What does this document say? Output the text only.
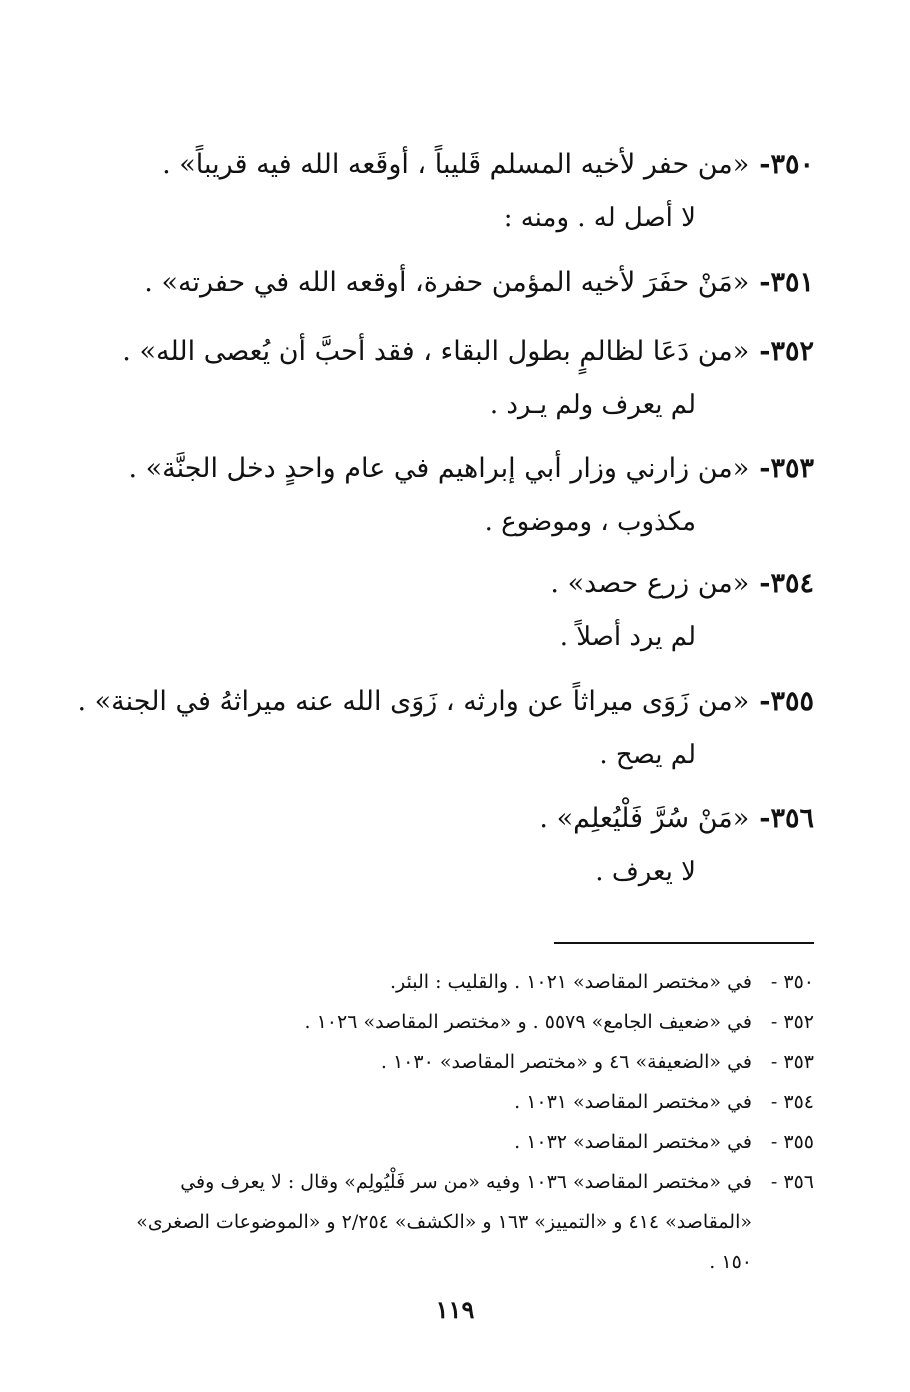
٣٥٠-«من حفر لأخيه المسلم قَليباً ، أوقَعه الله فيه قريباً» .
لا أصل له . ومنه :
٣٥١-«مَنْ حفَرَ لأخيه المؤمن حفرة، أوقعه الله في حفرته» .
٣٥٢-«من دَعَا لظالمٍ بطول البقاء ، فقد أحبَّ أن يُعصى الله» .
لم يعرف ولم يـرد .
٣٥٣-«من زارني وزار أبي إبراهيم في عام واحدٍ دخل الجنَّة» .
مكذوب ، وموضوع .
٣٥٤-«من زرع حصد» .
لم يرد أصلاً .
٣٥٥-«من زَوَى ميراثاً عن وارثه ، زَوَى الله عنه ميراثهُ في الجنة» .
لم يصح .
٣٥٦-«مَنْ سُرَّ فَلْيُعلِم» .
لا يعرف .
٣٥٠ -
في «مختصر المقاصد» ١٠٢١ . والقليب : البئر.
٣٥٢ -
في «ضعيف الجامع» ٥٥٧٩ . و «مختصر المقاصد» ١٠٢٦ .
٣٥٣ -
في «الضعيفة» ٤٦ و «مختصر المقاصد» ١٠٣٠ .
٣٥٤ -
في «مختصر المقاصد» ١٠٣١ .
٣٥٥ -
في «مختصر المقاصد» ١٠٣٢ .
٣٥٦ -
في «مختصر المقاصد» ١٠٣٦ وفيه «من سر فَلْيُولِم» وقال : لا يعرف وفي «المقاصد» ٤١٤ و «التمييز» ١٦٣ و «الكشف» ٢/٢٥٤ و «الموضوعات الصغرى» ١٥٠ .
١١٩
